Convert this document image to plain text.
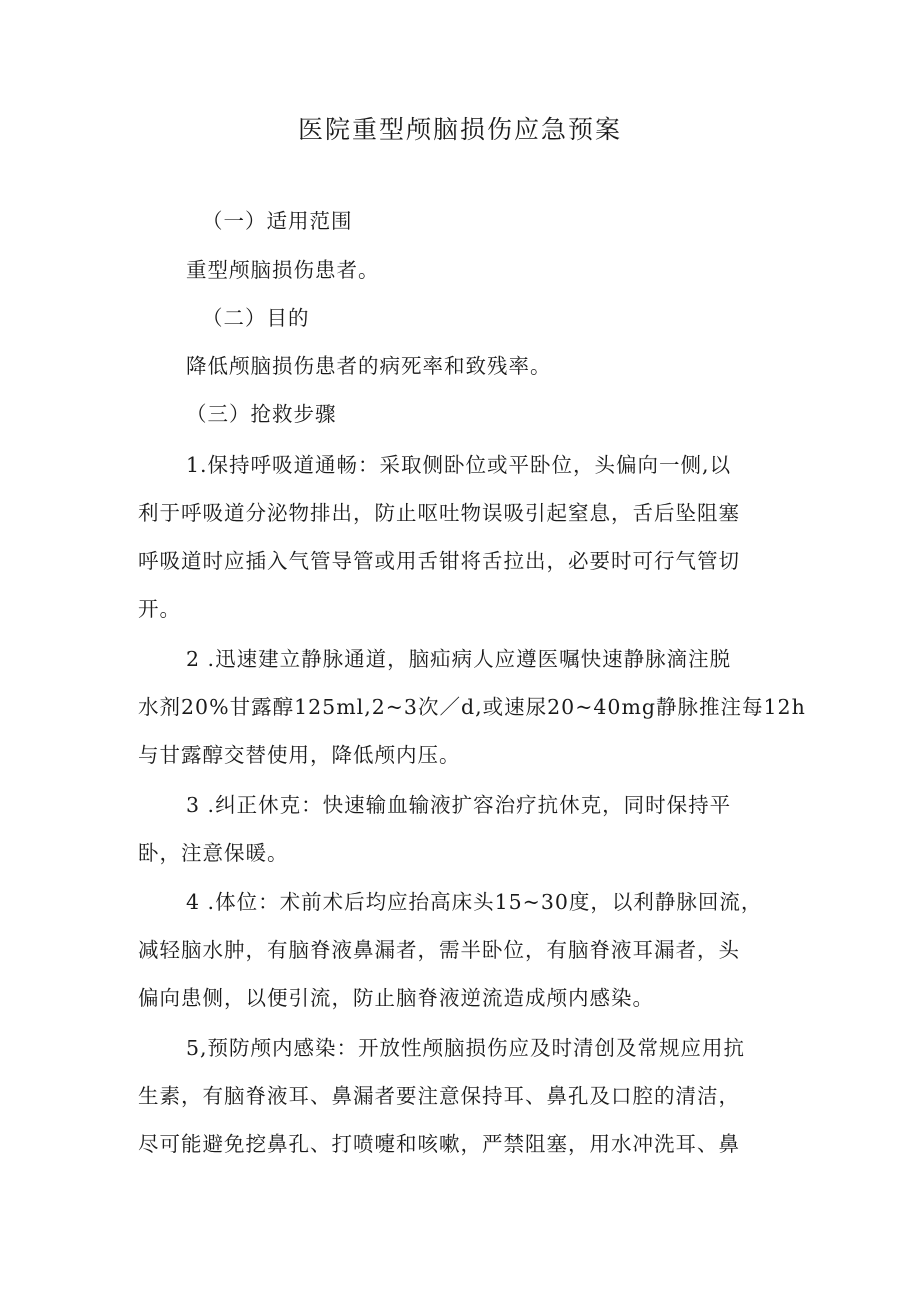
医院重型颅脑损伤应急预案

（一）适用范围

重型颅脑损伤患者。

（二）目的

降低颅脑损伤患者的病死率和致残率。

（三）抢救步骤

1.保持呼吸道通畅：采取侧卧位或平卧位，头偏向一侧,以

利于呼吸道分泌物排出，防止呕吐物误吸引起窒息，舌后坠阻塞

呼吸道时应插入气管导管或用舌钳将舌拉出，必要时可行气管切

开。

2 .迅速建立静脉通道，脑疝病人应遵医嘱快速静脉滴注脱

水剂20%甘露醇125ml,2~3次／d,或速尿20~40mg静脉推注每12h

与甘露醇交替使用，降低颅内压。

3 .纠正休克：快速输血输液扩容治疗抗休克，同时保持平

卧，注意保暖。

4 .体位：术前术后均应抬高床头15~30度，以利静脉回流，

减轻脑水肿，有脑脊液鼻漏者，需半卧位，有脑脊液耳漏者，头

偏向患侧，以便引流，防止脑脊液逆流造成颅内感染。

5,预防颅内感染：开放性颅脑损伤应及时清创及常规应用抗

生素，有脑脊液耳、鼻漏者要注意保持耳、鼻孔及口腔的清洁，

尽可能避免挖鼻孔、打喷嚏和咳嗽，严禁阻塞，用水冲洗耳、鼻
